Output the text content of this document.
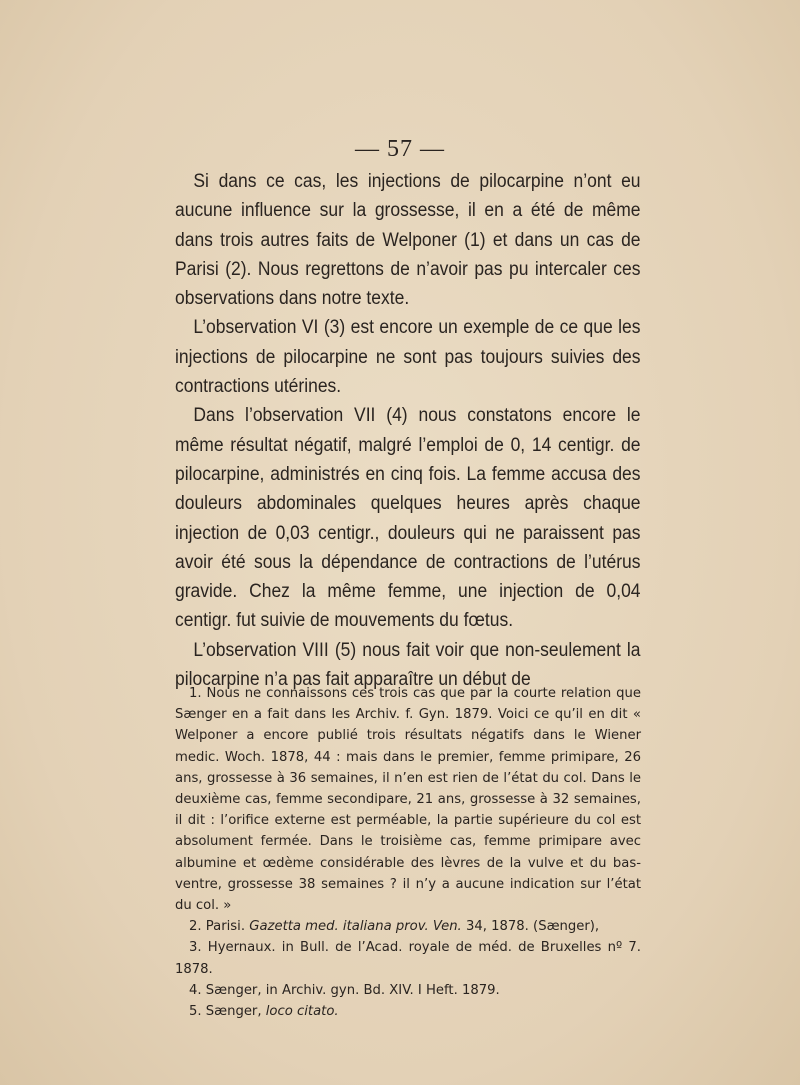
— 57 —

Si dans ce cas, les injections de pilocarpine n’ont eu aucune influence sur la grossesse, il en a été de même dans trois autres faits de Welponer (1) et dans un cas de Parisi (2). Nous regrettons de n’avoir pas pu intercaler ces observations dans notre texte.

L’observation VI (3) est encore un exemple de ce que les injections de pilocarpine ne sont pas toujours suivies des contractions utérines.

Dans l’observation VII (4) nous constatons encore le même résultat négatif, malgré l’emploi de 0, 14 centigr. de pilocarpine, administrés en cinq fois. La femme accusa des douleurs abdominales quelques heures après chaque injection de 0,03 centigr., douleurs qui ne paraissent pas avoir été sous la dépendance de contractions de l’utérus gravide. Chez la même femme, une injection de 0,04 centigr. fut suivie de mouvements du fœtus.

L’observation VIII (5) nous fait voir que non-seulement la pilocarpine n’a pas fait apparaître un début de

1. Nous ne connaissons ces trois cas que par la courte relation que Sænger en a fait dans les Archiv. f. Gyn. 1879. Voici ce qu’il en dit « Welponer a encore publié trois résultats négatifs dans le Wiener medic. Woch. 1878, 44 : mais dans le premier, femme primipare, 26 ans, grossesse à 36 semaines, il n’en est rien de l’état du col. Dans le deuxième cas, femme secondipare, 21 ans, grossesse à 32 semaines, il dit : l’orifice externe est perméable, la partie supérieure du col est absolument fermée. Dans le troisième cas, femme primipare avec albumine et œdème considérable des lèvres de la vulve et du bas-ventre, grossesse 38 semaines ? il n’y a aucune indication sur l’état du col. »

2. Parisi. Gazetta med. italiana prov. Ven. 34, 1878. (Sænger),

3. Hyernaux. in Bull. de l’Acad. royale de méd. de Bruxelles nº 7. 1878.

4. Sænger, in Archiv. gyn. Bd. XIV. I Heft. 1879.

5. Sænger, loco citato.
